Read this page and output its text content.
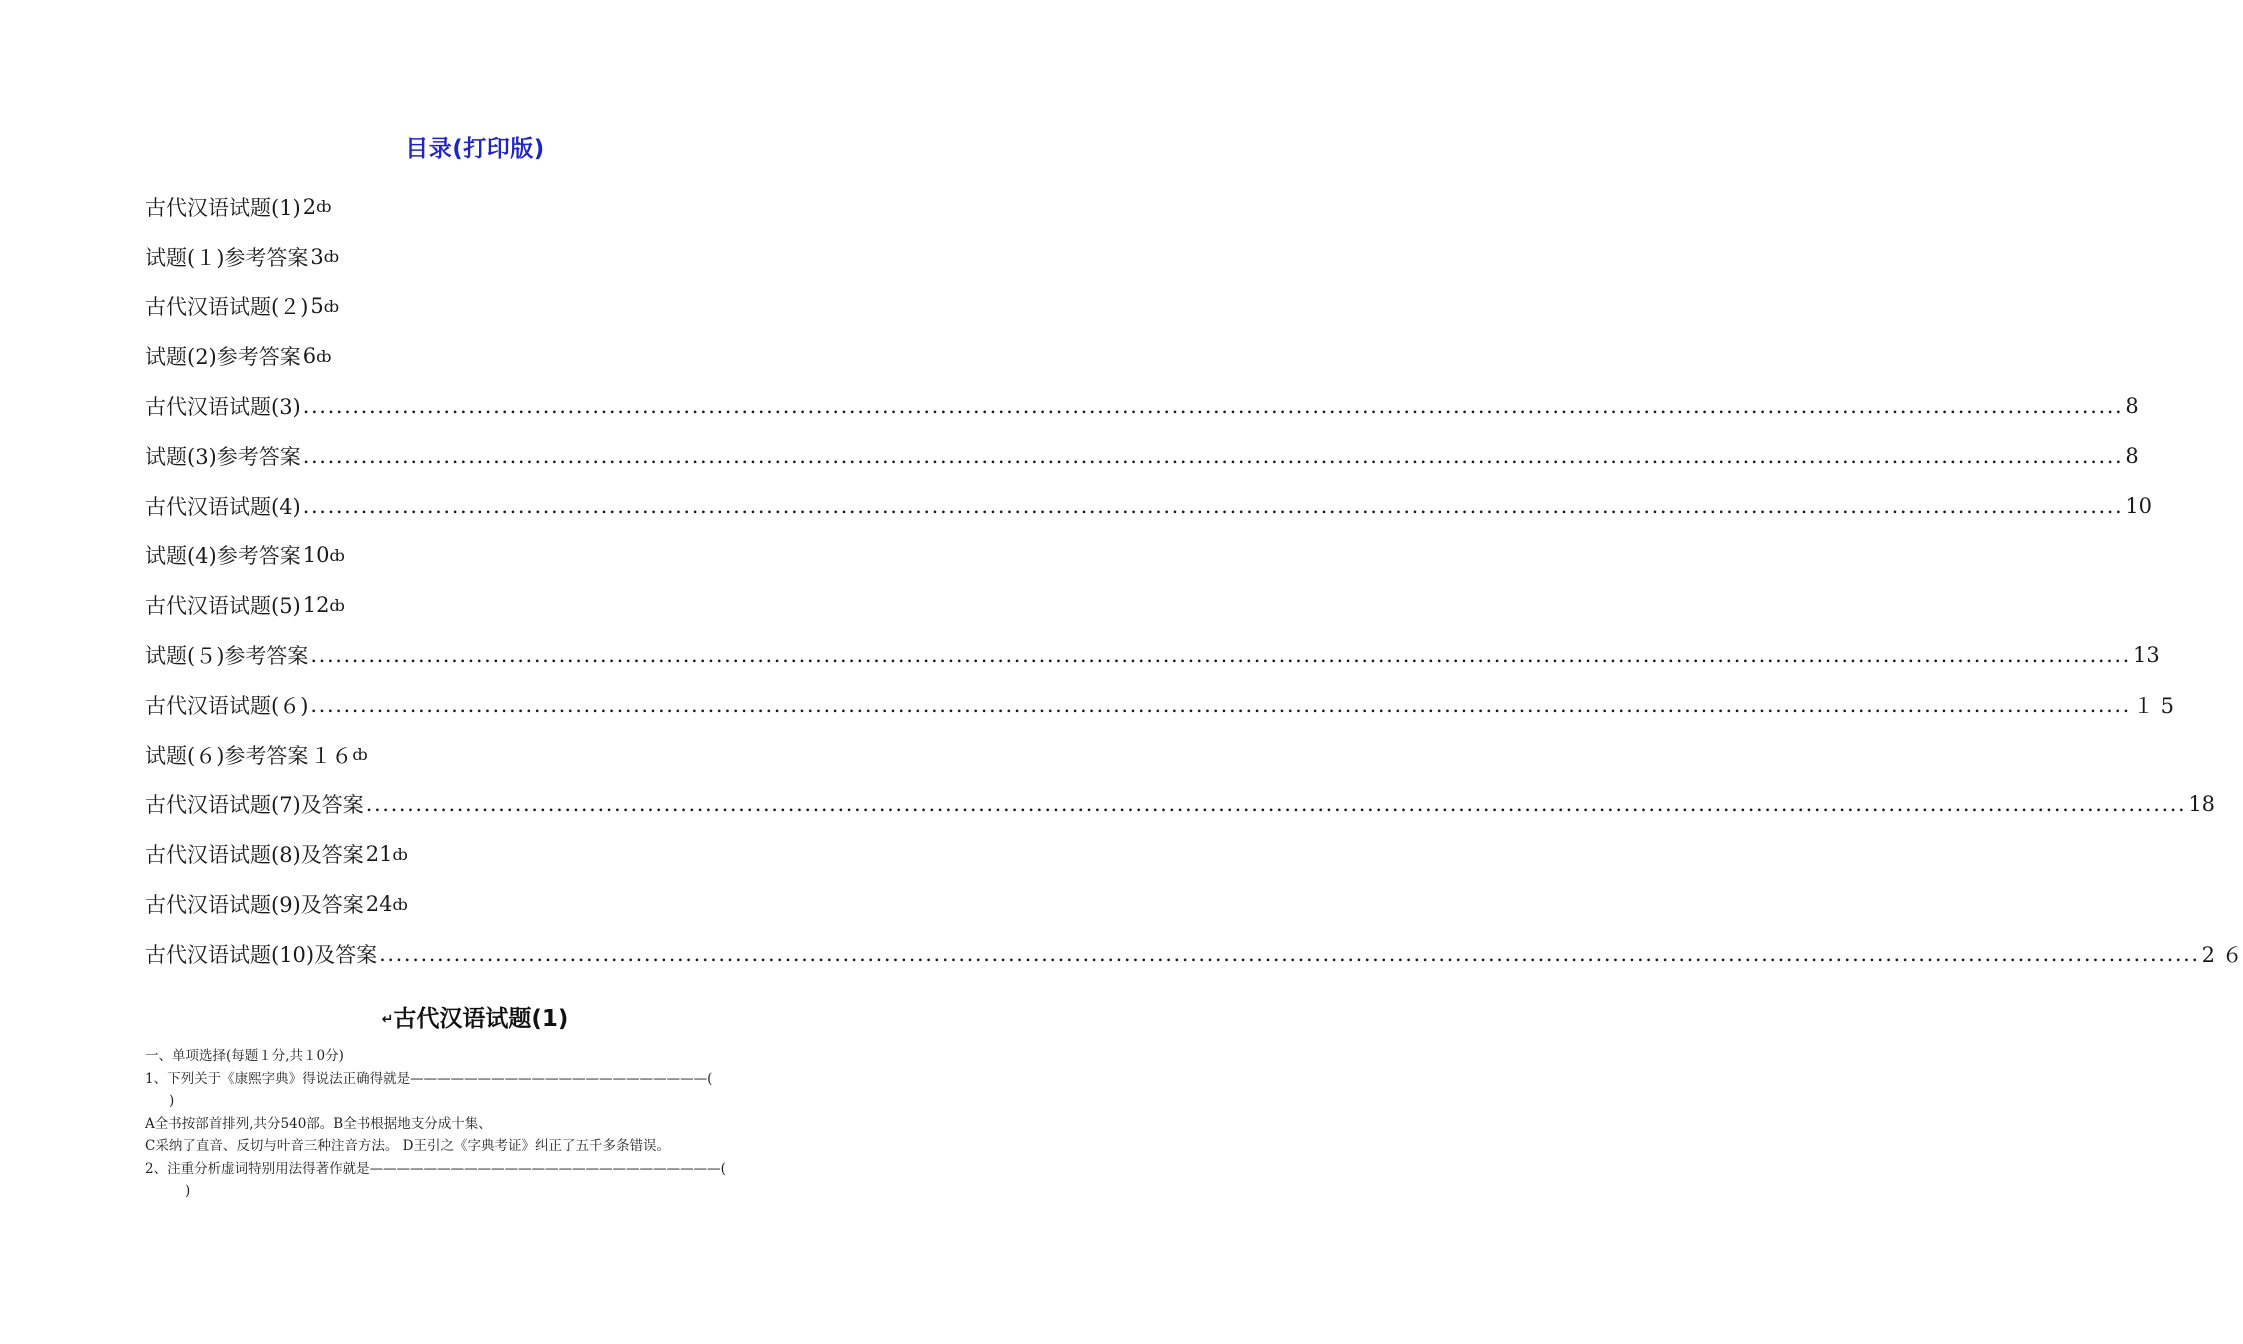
目录(打印版)
古代汉语试题(1) 2 ȸ
试题(１)参考答案 3 ȸ
古代汉语试题(２) 5 ȸ
试题(2)参考答案 6 ȸ
古代汉语试题(3) ............................................................................................................................................................................................................................ 8
试题(3)参考答案 ............................................................................................................................................................................................................................ 8
古代汉语试题(4) ............................................................................................................................................................................................................................ 10
试题(4)参考答案 10 ȸ
古代汉语试题(5) 12 ȸ
试题(５)参考答案 ............................................................................................................................................................................................................................ 13
古代汉语试题(６) ............................................................................................................................................................................................................................ １ 5
试题(６)参考答案 １６ ȸ
古代汉语试题(7)及答案 ............................................................................................................................................................................................................................ 18
古代汉语试题(8)及答案 21 ȸ
古代汉语试题(9)及答案 24 ȸ
古代汉语试题(10)及答案 ............................................................................................................................................................................................................................ 2 ６
↵古代汉语试题(1)
一、单项选择(每题１分,共１0分)
1、下列关于《康熙字典》得说法正确得就是——————————————————————(
)
A全书按部首排列,共分540部。B全书根据地支分成十集、
C采纳了直音、反切与叶音三种注音方法。 D王引之《字典考证》纠正了五千多条错误。
2、注重分析虚词特别用法得著作就是——————————————————————————(
)
